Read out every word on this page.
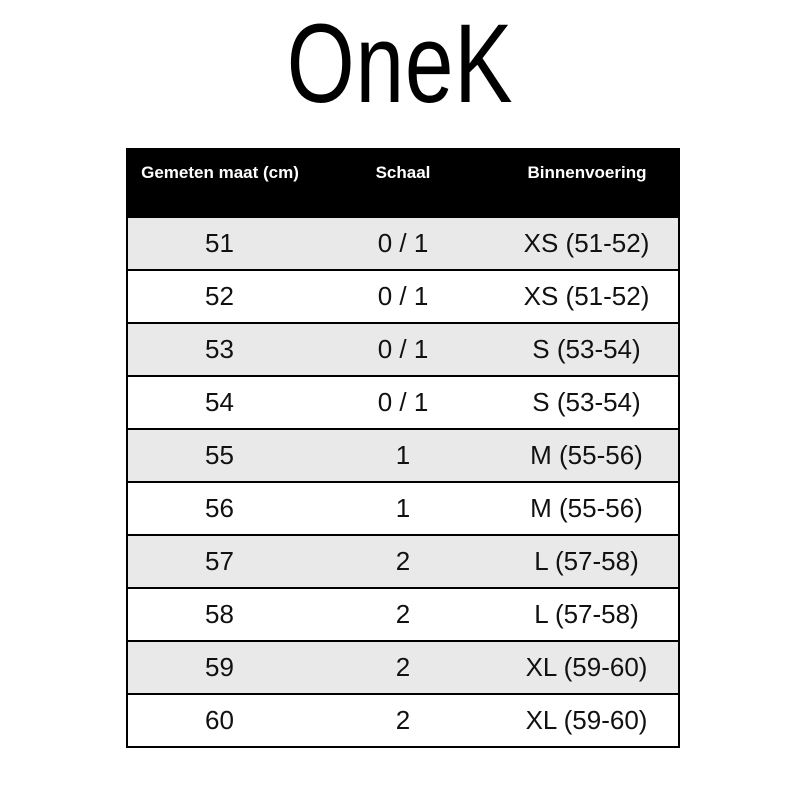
OneK
Gemeten maat (cm)	Schaal	Binnenvoering
51	0 / 1	XS (51-52)
52	0 / 1	XS (51-52)
53	0 / 1	S (53-54)
54	0 / 1	S (53-54)
55	1	M (55-56)
56	1	M (55-56)
57	2	L (57-58)
58	2	L (57-58)
59	2	XL (59-60)
60	2	XL (59-60)
